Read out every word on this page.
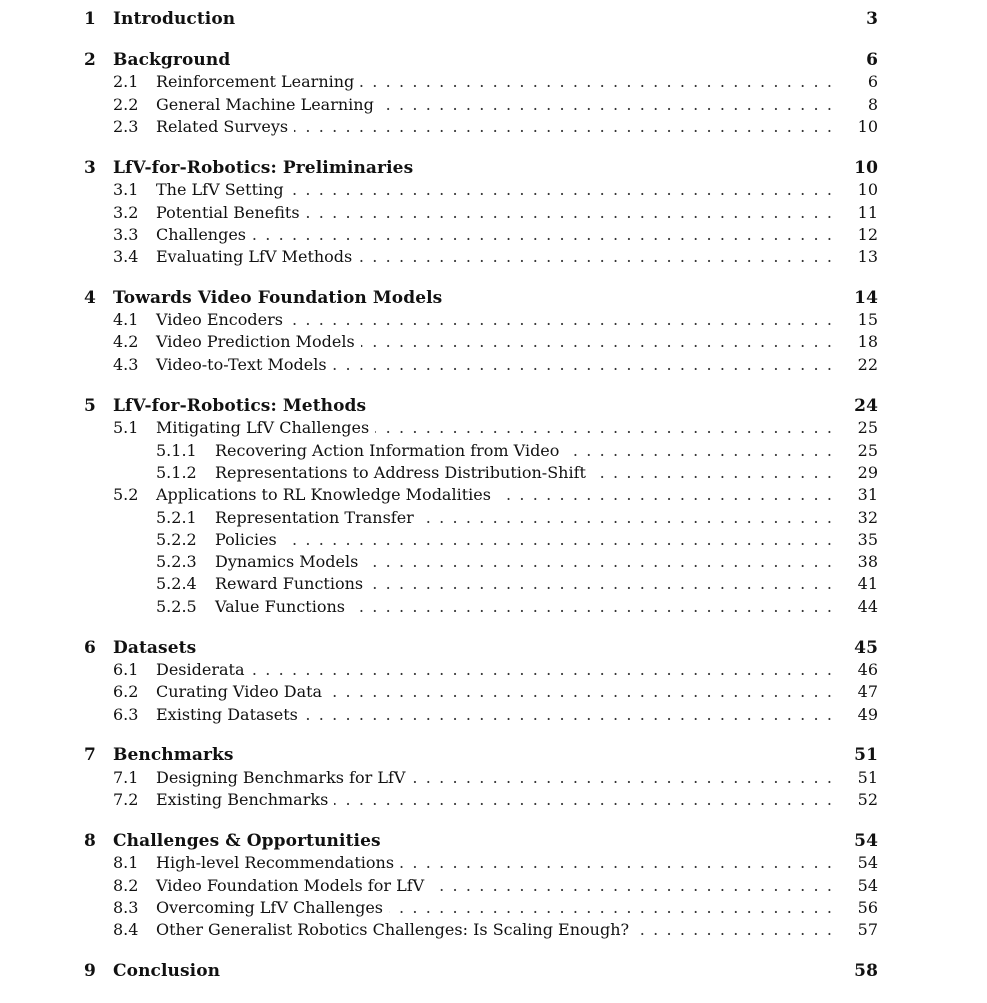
1 Introduction	3
2 Background	6
2.1 Reinforcement Learning . . .	6
2.2 General Machine Learning . . .	8
2.3 Related Surveys . . .	10
3 LfV-for-Robotics: Preliminaries	10
3.1 The LfV Setting . . .	10
3.2 Potential Benefits . . .	11
3.3 Challenges . . .	12
3.4 Evaluating LfV Methods . . .	13
4 Towards Video Foundation Models	14
4.1 Video Encoders . . .	15
4.2 Video Prediction Models . . .	18
4.3 Video-to-Text Models . . .	22
5 LfV-for-Robotics: Methods	24
5.1 Mitigating LfV Challenges . . .	25
5.1.1 Recovering Action Information from Video . . .	25
5.1.2 Representations to Address Distribution-Shift . . .	29
5.2 Applications to RL Knowledge Modalities . . .	31
5.2.1 Representation Transfer . . .	32
5.2.2 Policies . . .	35
5.2.3 Dynamics Models . . .	38
5.2.4 Reward Functions . . .	41
5.2.5 Value Functions . . .	44
6 Datasets	45
6.1 Desiderata . . .	46
6.2 Curating Video Data . . .	47
6.3 Existing Datasets . . .	49
7 Benchmarks	51
7.1 Designing Benchmarks for LfV . . .	51
7.2 Existing Benchmarks . . .	52
8 Challenges & Opportunities	54
8.1 High-level Recommendations . . .	54
8.2 Video Foundation Models for LfV . . .	54
8.3 Overcoming LfV Challenges . . .	56
8.4 Other Generalist Robotics Challenges: Is Scaling Enough? . . .	57
9 Conclusion	58
